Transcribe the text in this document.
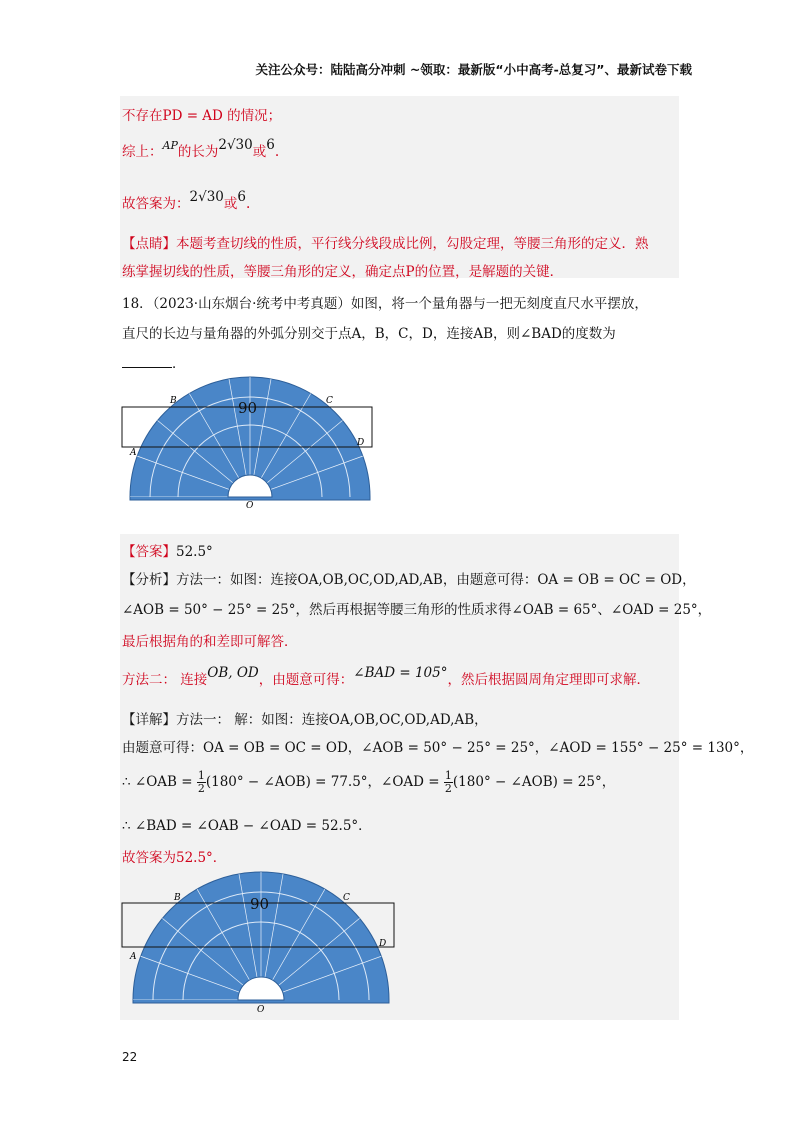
关注公众号：陆陆高分冲刺 ~领取：最新版“小中高考-总复习”、最新试卷下载
不存在PD = AD 的情况；
综上：$^{AP}$的长为2√30或6.
故答案为：2√30或6.
【点睛】本题考查切线的性质，平行线分线段成比例，勾股定理，等腰三角形的定义．熟
练掌握切线的性质，等腰三角形的定义，确定点P的位置，是解题的关键．
18．（2023·山东烟台·统考中考真题）如图，将一个量角器与一把无刻度直尺水平摆放，
直尺的长边与量角器的外弧分别交于点A，B，C，D，连接AB，则∠BAD的度数为
．
90
A
B	C
D
O
【答案】52.5°
【分析】方法一：如图：连接OA,OB,OC,OD,AD,AB，由题意可得：OA = OB = OC = OD，
∠AOB = 50° − 25° = 25°，然后再根据等腰三角形的性质求得∠OAB = 65°、∠OAD = 25°，
最后根据角的和差即可解答．
方法二： 连接OB, OD，由题意可得：∠BAD = 105°，然后根据圆周角定理即可求解．
【详解】方法一： 解：如图：连接OA,OB,OC,OD,AD,AB，
由题意可得：OA = OB = OC = OD，∠AOB = 50° − 25° = 25°，∠AOD = 155° − 25° = 130°，
∴ ∠OAB = $\frac{1}{2} (180^\circ$ − ∠AOB) = 77.5°，∠OAD = $\frac{1}{2} (180^\circ$ − ∠AOB) = 25°，
∴ ∠BAD = ∠OAB − ∠OAD = 52.5°．
故答案为52.5°．
90
A
B	C
D
O
22
